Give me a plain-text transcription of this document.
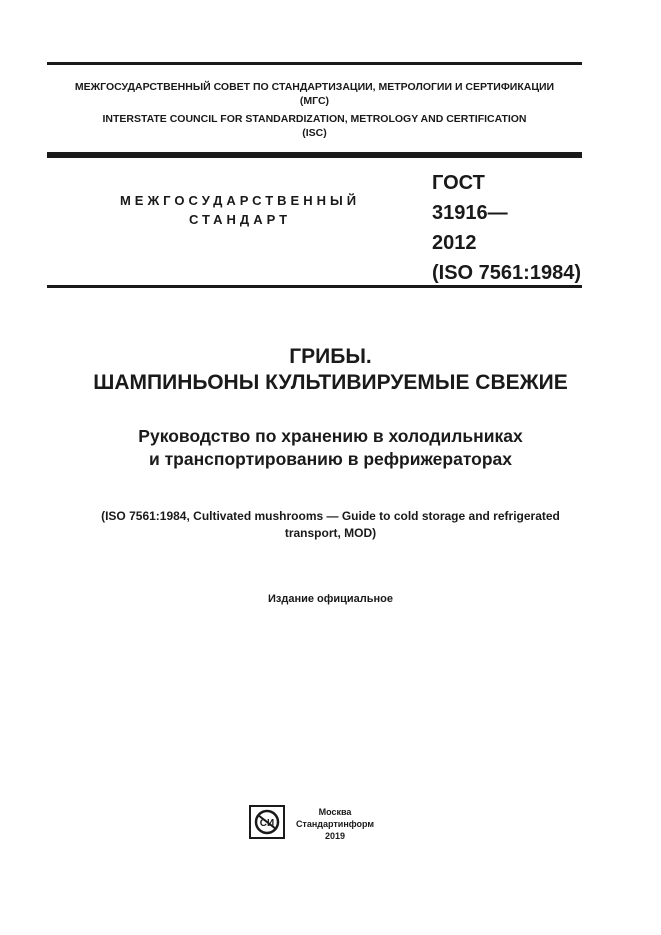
МЕЖГОСУДАРСТВЕННЫЙ СОВЕТ ПО СТАНДАРТИЗАЦИИ, МЕТРОЛОГИИ И СЕРТИФИКАЦИИ
(МГС)
INTERSTATE COUNCIL FOR STANDARDIZATION, METROLOGY AND CERTIFICATION
(ISC)
МЕЖГОСУДАРСТВЕННЫЙ
СТАНДАРТ
ГОСТ
31916—
2012
(ISO 7561:1984)
ГРИБЫ.
ШАМПИНЬОНЫ КУЛЬТИВИРУЕМЫЕ СВЕЖИЕ
Руководство по хранению в холодильниках
и транспортированию в рефрижераторах
(ISO 7561:1984, Cultivated mushrooms — Guide to cold storage and refrigerated
transport, MOD)
Издание официальное
СИ
Москва
Стандартинформ
2019
